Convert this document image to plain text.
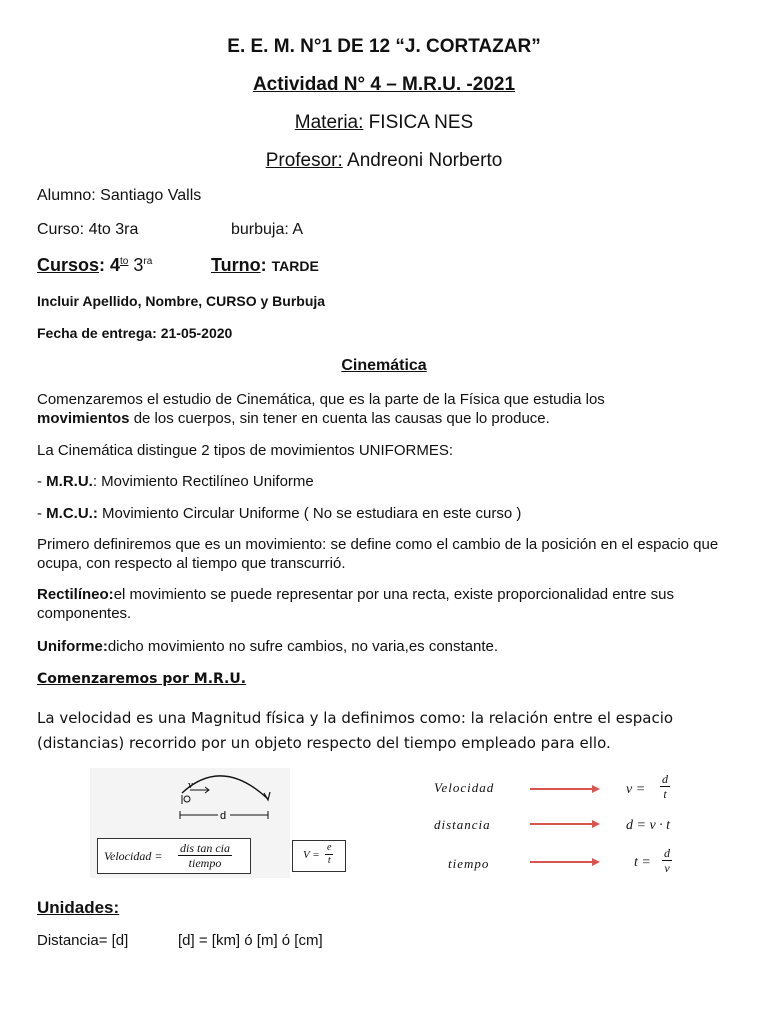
E. E. M. N°1 DE 12 “J. CORTAZAR”
Actividad N° 4 – M.R.U. -2021
Materia: FISICA NES
Profesor: Andreoni Norberto
Alumno: Santiago Valls
Curso: 4to 3ra	burbuja: A
Cursos: $4^{to}$ $3^{ra}$	Turno: TARDE
Incluir Apellido, Nombre, CURSO y Burbuja
Fecha de entrega: 21-05-2020
Cinemática
Comenzaremos el estudio de Cinemática, que es la parte de la Física que estudia los
movimientos de los cuerpos, sin tener en cuenta las causas que lo produce.
La Cinemática distingue 2 tipos de movimientos UNIFORMES:
- M.R.U.: Movimiento Rectilíneo Uniforme
- M.C.U.: Movimiento Circular Uniforme ( No se estudiara en este curso )
Primero definiremos que es un movimiento: se define como el cambio de la posición en el espacio que ocupa, con respecto al tiempo que transcurrió.
Rectilíneo:el movimiento se puede representar por una recta, existe proporcionalidad entre sus componentes.
Uniforme:dicho movimiento no sufre cambios, no varia,es constante.
Comenzaremos por M.R.U.
La velocidad es una Magnitud física y la definimos como: la relación entre el espacio (distancias) recorrido por un objeto respecto del tiempo empleado para ello.
v
d
Velocidad =
dis tan cia
tiempo
$V = \frac{e}{t}$
Velocidad	$v = \frac{d}{t}$
distancia	d = v · t
tiempo	$t = \frac{d}{v}$
Unidades:
Distancia= [d]	[d] = [km] ó [m] ó [cm]
